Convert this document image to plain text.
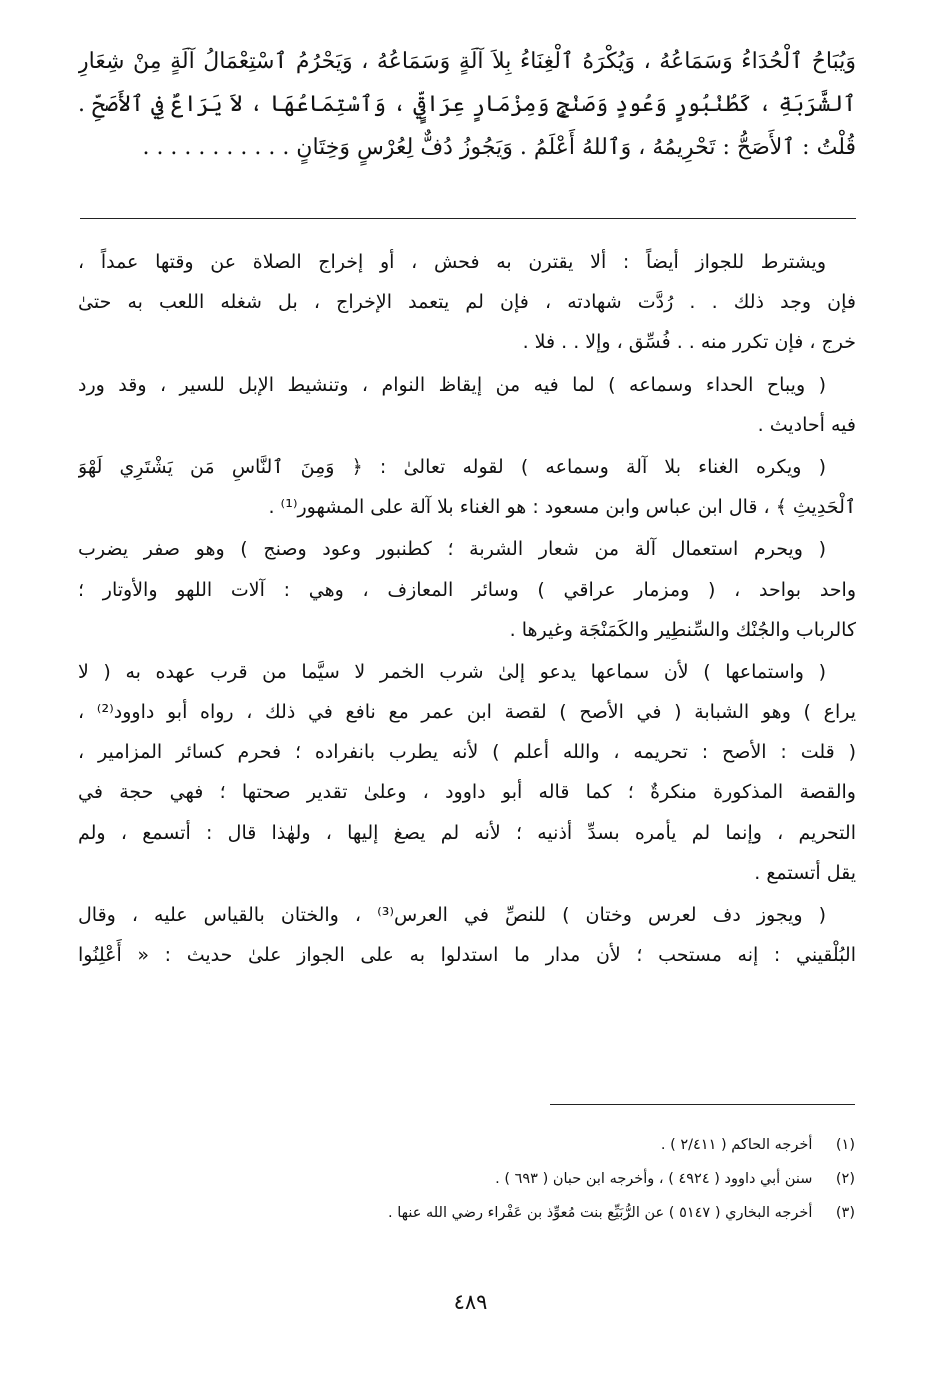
وَيُبَاحُ ٱلْحُدَاءُ وَسَمَاعُهُ ، وَيُكْرَهُ ٱلْغِنَاءُ بِلاَ آلَةٍ وَسَمَاعُهُ ، وَيَحْرُمُ ٱسْتِعْمَالُ آلَةٍ مِنْ شِعَارِ
ٱلشَّرَبَةِ ، كَطُنْبُورٍ وَعُودٍ وَصَنْجٍ وَمِزْمَارٍ عِرَاقِيٍّ ، وَٱسْتِمَاعُهَا ، لاَ يَرَاعٌ فِي ٱلأَصَحِّ .
قُلْتُ : ٱلأَصَحُّ : تَحْرِيمُهُ ، وَٱللهُ أَعْلَمُ . وَيَجُوزُ دُفٌّ لِعُرْسٍ وَخِتَانٍ . . . . . . . . . . .
ويشترط للجواز أيضاً : ألا يقترن به فحش ، أو إخراج الصلاة عن وقتها عمداً ،
فإن وجد ذلك . . رُدَّت شهادته ، فإن لم يتعمد الإخراج ، بل شغله اللعب به حتىٰ
خرج ، فإن تكرر منه . . فُسِّق ، وإلا . . فلا .
( ويباح الحداء وسماعه ) لما فيه من إيقاظ النوام ، وتنشيط الإبل للسير ، وقد ورد
فيه أحاديث .
( ويكره الغناء بلا آلة وسماعه ) لقوله تعالىٰ : ﴿ وَمِنَ ٱلنَّاسِ مَن يَشْتَرِي لَهْوَ
ٱلْحَدِيثِ ﴾ ، قال ابن عباس وابن مسعود : هو الغناء بلا آلة على المشهور⁽¹⁾ .
( ويحرم استعمال آلة من شعار الشربة ؛ كطنبور وعود وصنج ) وهو صفر يضرب
واحد بواحد ، ( ومزمار عراقي ) وسائر المعازف ، وهي : آلات اللهو والأوتار ؛
كالرباب والجُنْك والسِّنطِير والكَمَنْجَة وغيرها .
( واستماعها ) لأن سماعها يدعو إلىٰ شرب الخمر لا سيَّما من قرب عهده به ( لا
يراع ) وهو الشبابة ( في الأصح ) لقصة ابن عمر مع نافع في ذلك ، رواه أبو داوود⁽²⁾ ،
( قلت : الأصح : تحريمه ، والله أعلم ) لأنه يطرب بانفراده ؛ فحرم كسائر المزامير ،
والقصة المذكورة منكرةٌ ؛ كما قاله أبو داوود ، وعلىٰ تقدير صحتها ؛ فهي حجة في
التحريم ، وإنما لم يأمره بسدِّ أذنيه ؛ لأنه لم يصغ إليها ، ولهٰذا قال : أتسمع ، ولم
يقل أتستمع .
( ويجوز دف لعرس وختان ) للنصِّ في العرس⁽³⁾ ، والختان بالقياس عليه ، وقال
البُلْقيني : إنه مستحب ؛ لأن مدار ما استدلوا به على الجواز علىٰ حديث : « أَعْلِنُوا
(١) أخرجه الحاكم ( ٢/٤١١ ) .
(٢) سنن أبي داوود ( ٤٩٢٤ ) ، وأخرجه ابن حبان ( ٦٩٣ ) .
(٣) أخرجه البخاري ( ٥١٤٧ ) عن الرُّبَيِّع بنت مُعوِّذ بن عَفْراء رضي الله عنها .
٤٨٩
